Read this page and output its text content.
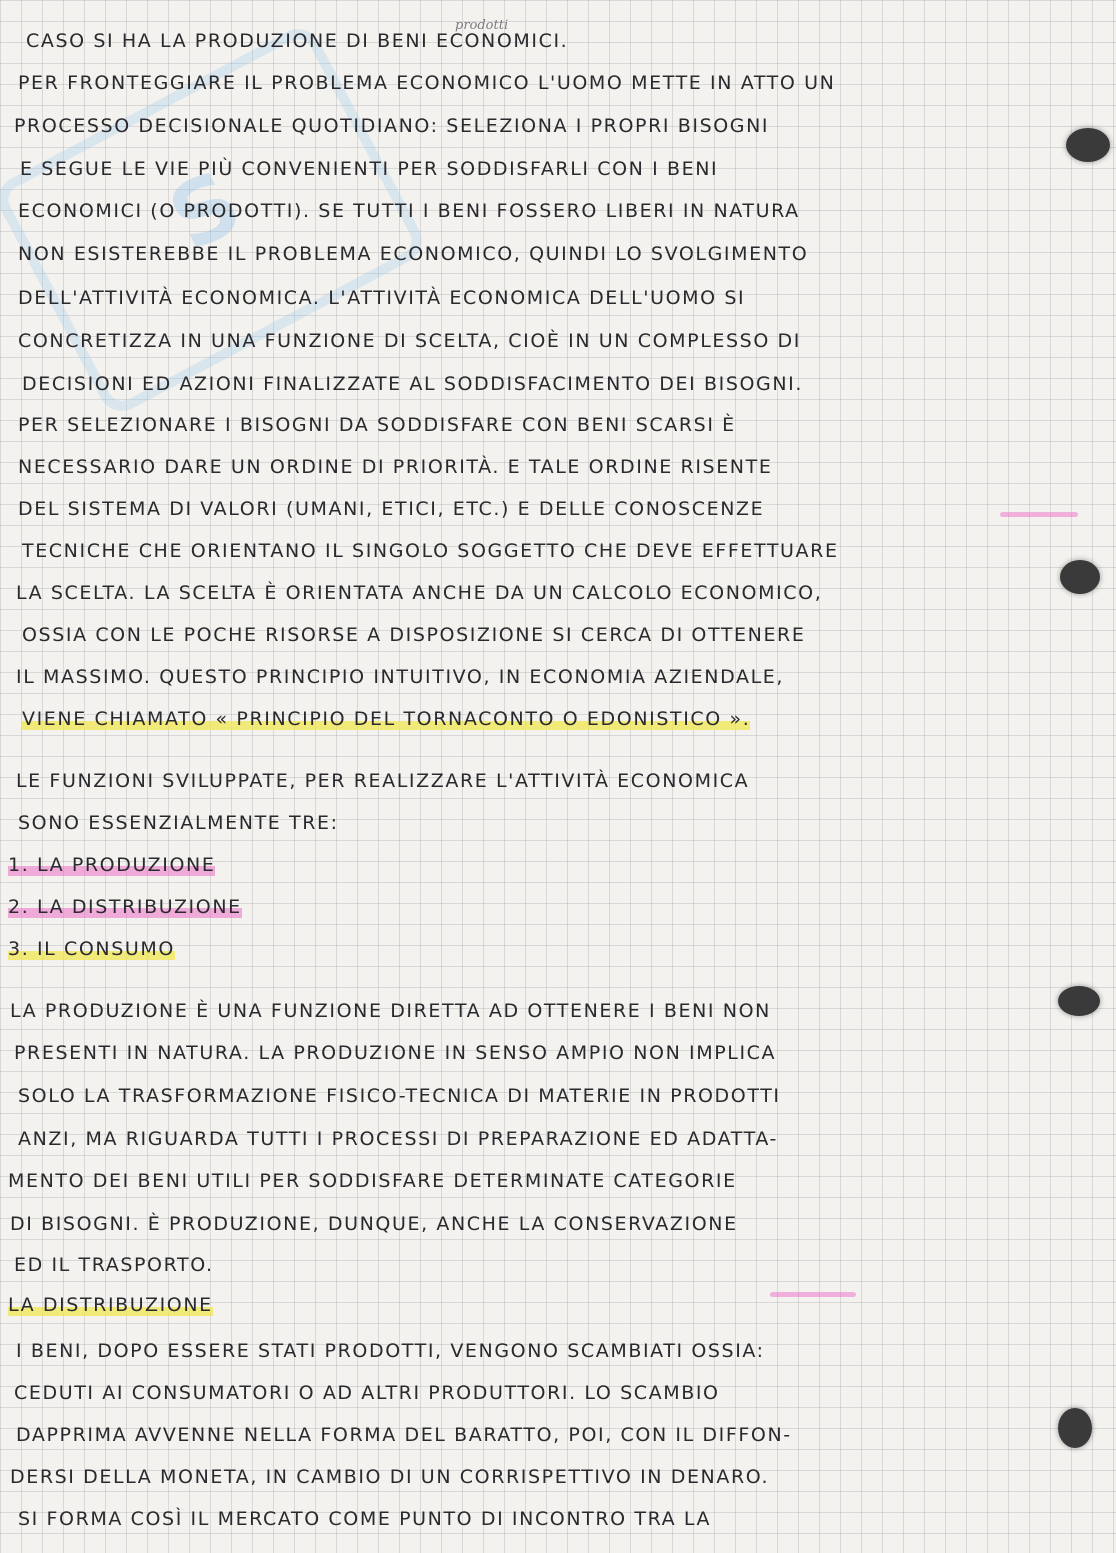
S
prodotti
CASO SI HA LA PRODUZIONE DI BENI ECONOMICI.
PER FRONTEGGIARE IL PROBLEMA ECONOMICO L'UOMO METTE IN ATTO UN
PROCESSO DECISIONALE QUOTIDIANO: SELEZIONA I PROPRI BISOGNI
E SEGUE LE VIE PIÙ CONVENIENTI PER SODDISFARLI CON I BENI
ECONOMICI (O PRODOTTI). SE TUTTI I BENI FOSSERO LIBERI IN NATURA
NON ESISTEREBBE IL PROBLEMA ECONOMICO, QUINDI LO SVOLGIMENTO
DELL'ATTIVITÀ ECONOMICA. L'ATTIVITÀ ECONOMICA DELL'UOMO SI
CONCRETIZZA IN UNA FUNZIONE DI SCELTA, CIOÈ IN UN COMPLESSO DI
DECISIONI ED AZIONI FINALIZZATE AL SODDISFACIMENTO DEI BISOGNI.
PER SELEZIONARE I BISOGNI DA SODDISFARE CON BENI SCARSI È
NECESSARIO DARE UN ORDINE DI PRIORITÀ. E TALE ORDINE RISENTE
DEL SISTEMA DI VALORI (UMANI, ETICI, ETC.) E DELLE CONOSCENZE
TECNICHE CHE ORIENTANO IL SINGOLO SOGGETTO CHE DEVE EFFETTUARE
LA SCELTA. LA SCELTA È ORIENTATA ANCHE DA UN CALCOLO ECONOMICO,
OSSIA CON LE POCHE RISORSE A DISPOSIZIONE SI CERCA DI OTTENERE
IL MASSIMO. QUESTO PRINCIPIO INTUITIVO, IN ECONOMIA AZIENDALE,
VIENE CHIAMATO « PRINCIPIO DEL TORNACONTO O EDONISTICO ».
LE FUNZIONI SVILUPPATE, PER REALIZZARE L'ATTIVITÀ ECONOMICA
SONO ESSENZIALMENTE TRE:
1. LA PRODUZIONE
2. LA DISTRIBUZIONE
3. IL CONSUMO
LA PRODUZIONE È UNA FUNZIONE DIRETTA AD OTTENERE I BENI NON
PRESENTI IN NATURA. LA PRODUZIONE IN SENSO AMPIO NON IMPLICA
SOLO LA TRASFORMAZIONE FISICO-TECNICA DI MATERIE IN PRODOTTI
ANZI, MA RIGUARDA TUTTI I PROCESSI DI PREPARAZIONE ED ADATTA-
MENTO DEI BENI UTILI PER SODDISFARE DETERMINATE CATEGORIE
DI BISOGNI. È PRODUZIONE, DUNQUE, ANCHE LA CONSERVAZIONE
ED IL TRASPORTO.
LA DISTRIBUZIONE
I BENI, DOPO ESSERE STATI PRODOTTI, VENGONO SCAMBIATI OSSIA:
CEDUTI AI CONSUMATORI O AD ALTRI PRODUTTORI. LO SCAMBIO
DAPPRIMA AVVENNE NELLA FORMA DEL BARATTO, POI, CON IL DIFFON-
DERSI DELLA MONETA, IN CAMBIO DI UN CORRISPETTIVO IN DENARO.
SI FORMA COSÌ IL MERCATO COME PUNTO DI INCONTRO TRA LA
